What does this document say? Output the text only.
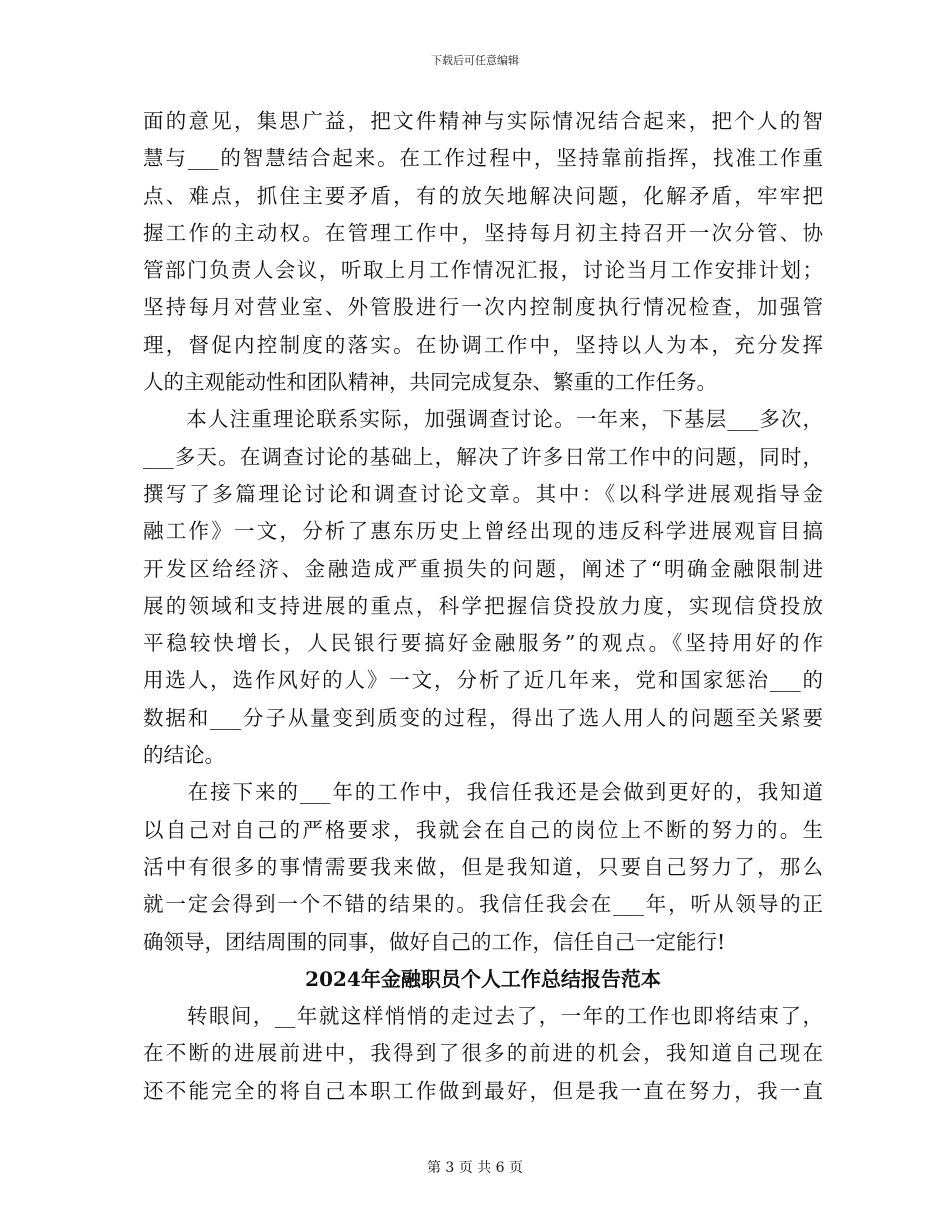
下载后可任意编辑
面的意见，集思广益，把文件精神与实际情况结合起来，把个人的智
慧与___的智慧结合起来。在工作过程中，坚持靠前指挥，找准工作重
点、难点，抓住主要矛盾，有的放矢地解决问题，化解矛盾，牢牢把
握工作的主动权。在管理工作中，坚持每月初主持召开一次分管、协
管部门负责人会议，听取上月工作情况汇报，讨论当月工作安排计划；
坚持每月对营业室、外管股进行一次内控制度执行情况检查，加强管
理，督促内控制度的落实。在协调工作中，坚持以人为本，充分发挥
人的主观能动性和团队精神，共同完成复杂、繁重的工作任务。
　　本人注重理论联系实际，加强调查讨论。一年来，下基层___多次，
___多天。在调查讨论的基础上，解决了许多日常工作中的问题，同时，
撰写了多篇理论讨论和调查讨论文章。其中：《以科学进展观指导金
融工作》一文，分析了惠东历史上曾经出现的违反科学进展观盲目搞
开发区给经济、金融造成严重损失的问题，阐述了“明确金融限制进
展的领域和支持进展的重点，科学把握信贷投放力度，实现信贷投放
平稳较快增长，人民银行要搞好金融服务”的观点。《坚持用好的作
用选人，选作风好的人》一文，分析了近几年来，党和国家惩治___的
数据和___分子从量变到质变的过程，得出了选人用人的问题至关紧要
的结论。
　　在接下来的___年的工作中，我信任我还是会做到更好的，我知道
以自己对自己的严格要求，我就会在自己的岗位上不断的努力的。生
活中有很多的事情需要我来做，但是我知道，只要自己努力了，那么
就一定会得到一个不错的结果的。我信任我会在___年，听从领导的正
确领导，团结周围的同事，做好自己的工作，信任自己一定能行!
2024年金融职员个人工作总结报告范本
　　转眼间，__年就这样悄悄的走过去了，一年的工作也即将结束了，
在不断的进展前进中，我得到了很多的前进的机会，我知道自己现在
还不能完全的将自己本职工作做到最好，但是我一直在努力，我一直
第 3 页 共 6 页
